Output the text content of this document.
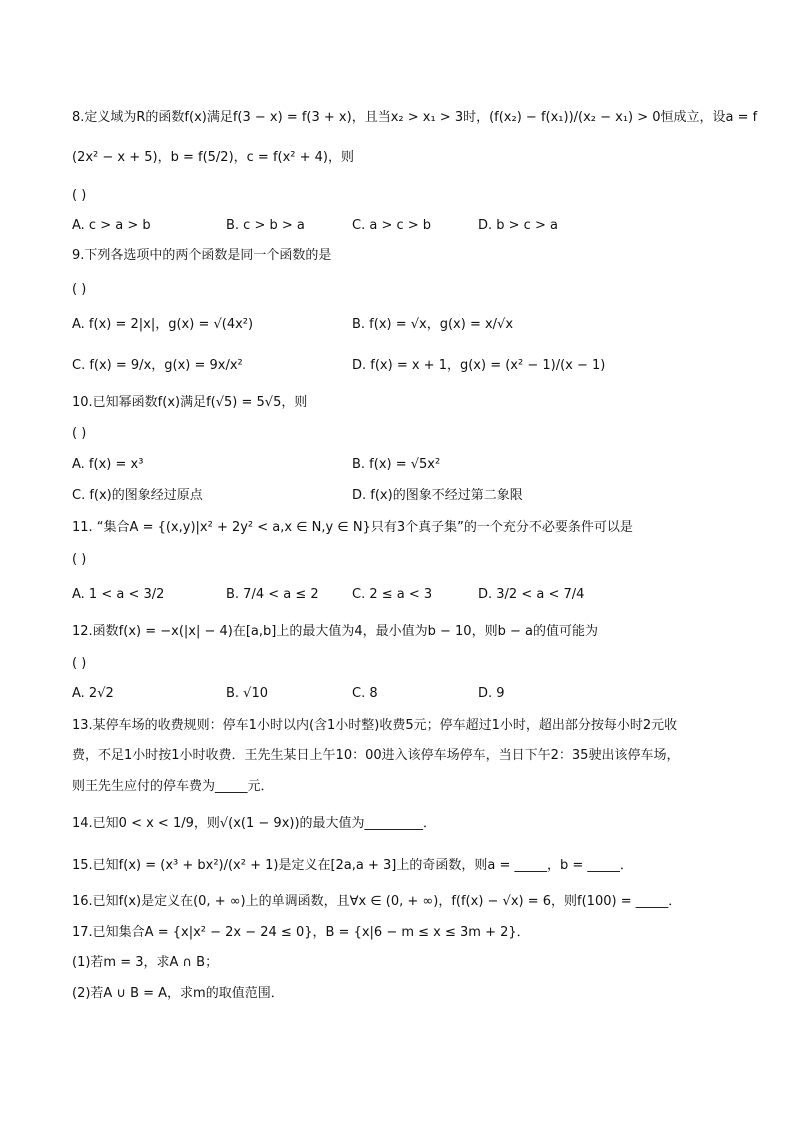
8.定义域为R的函数f(x)满足f(3 − x) = f(3 + x)，且当x₂ > x₁ > 3时，(f(x₂) − f(x₁))/(x₂ − x₁) > 0恒成立，设a = f
(2x² − x + 5)，b = f(5/2)，c = f(x² + 4)，则
( )
A. c > a > b	B. c > b > a	C. a > c > b	D. b > c > a
9.下列各选项中的两个函数是同一个函数的是
( )
A. f(x) = 2|x|，g(x) = √(4x²)	B. f(x) = √x，g(x) = x/√x
C. f(x) = 9/x，g(x) = 9x/x²	D. f(x) = x + 1，g(x) = (x² − 1)/(x − 1)
10.已知幂函数f(x)满足f(√5) = 5√5，则
( )
A. f(x) = x³	B. f(x) = √5x²
C. f(x)的图象经过原点	D. f(x)的图象不经过第二象限
11. “集合A = {(x,y)|x² + 2y² < a,x ∈ N,y ∈ N}只有3个真子集”的一个充分不必要条件可以是
( )
A. 1 < a < 3/2	B. 7/4 < a ≤ 2	C. 2 ≤ a < 3	D. 3/2 < a < 7/4
12.函数f(x) = −x(|x| − 4)在[a,b]上的最大值为4，最小值为b − 10，则b − a的值可能为
( )
A. 2√2	B. √10	C. 8	D. 9
13.某停车场的收费规则：停车1小时以内(含1小时整)收费5元；停车超过1小时，超出部分按每小时2元收
费，不足1小时按1小时收费．王先生某日上午10：00进入该停车场停车，当日下午2：35驶出该停车场，
则王先生应付的停车费为_____元．
14.已知0 < x < 1/9，则√(x(1 − 9x))的最大值为_________．
15.已知f(x) = (x³ + bx²)/(x² + 1)是定义在[2a,a + 3]上的奇函数，则a = _____，b = _____．
16.已知f(x)是定义在(0, + ∞)上的单调函数，且∀x ∈ (0, + ∞)，f(f(x) − √x) = 6，则f(100) = _____．
17.已知集合A = {x|x² − 2x − 24 ≤ 0}，B = {x|6 − m ≤ x ≤ 3m + 2}．
(1)若m = 3，求A ∩ B；
(2)若A ∪ B = A，求m的取值范围．
